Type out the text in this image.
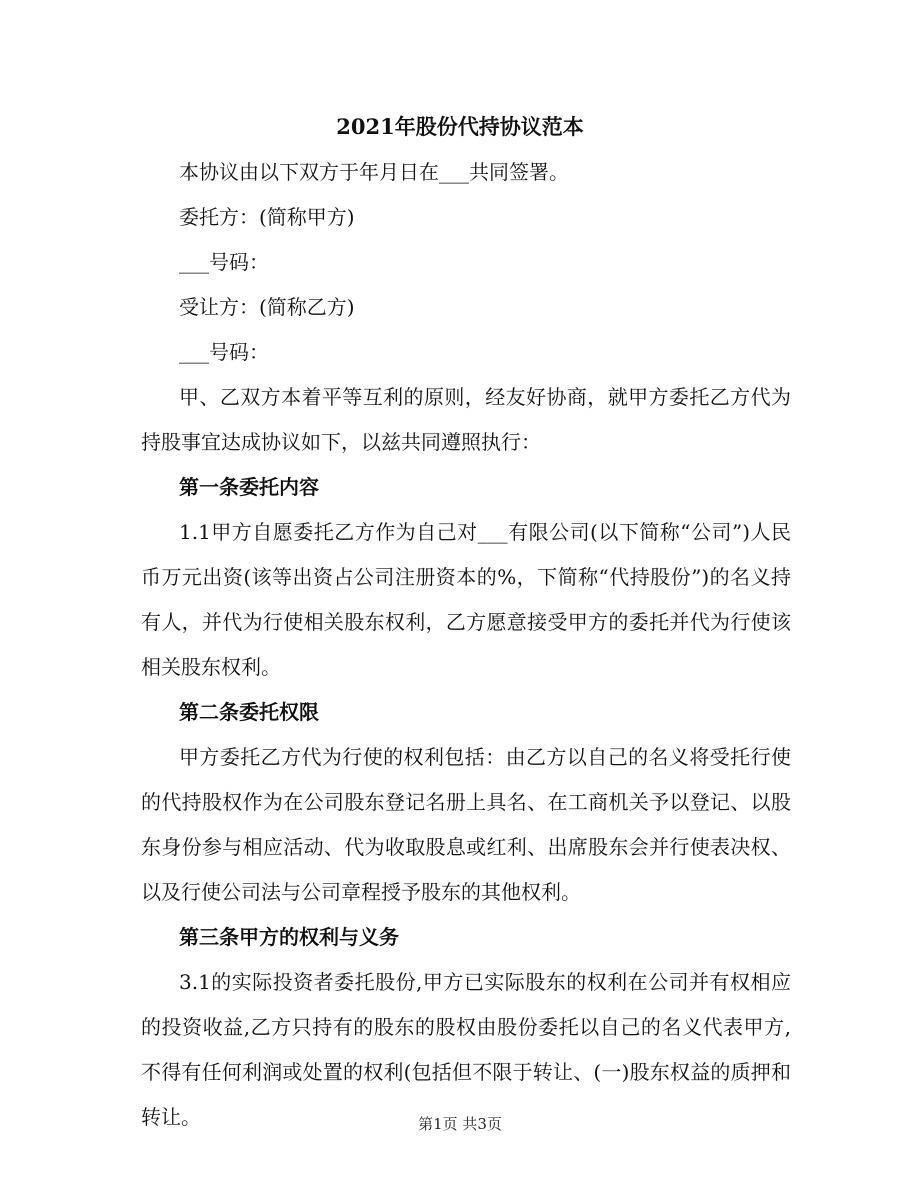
2021年股份代持协议范本

本协议由以下双方于年月日在___共同签署。

委托方：(简称甲方)

___号码：

受让方：(简称乙方)

___号码：

甲、乙双方本着平等互利的原则，经友好协商，就甲方委托乙方代为持股事宜达成协议如下，以兹共同遵照执行：

第一条委托内容

1.1甲方自愿委托乙方作为自己对___有限公司(以下简称“公司”)人民币万元出资(该等出资占公司注册资本的%，下简称“代持股份”)的名义持有人，并代为行使相关股东权利，乙方愿意接受甲方的委托并代为行使该相关股东权利。

第二条委托权限

甲方委托乙方代为行使的权利包括：由乙方以自己的名义将受托行使的代持股权作为在公司股东登记名册上具名、在工商机关予以登记、以股东身份参与相应活动、代为收取股息或红利、出席股东会并行使表决权、以及行使公司法与公司章程授予股东的其他权利。

第三条甲方的权利与义务

3.1的实际投资者委托股份,甲方已实际股东的权利在公司并有权相应的投资收益,乙方只持有的股东的股权由股份委托以自己的名义代表甲方,不得有任何利润或处置的权利(包括但不限于转让、(一)股东权益的质押和转让。	第1页 共3页
